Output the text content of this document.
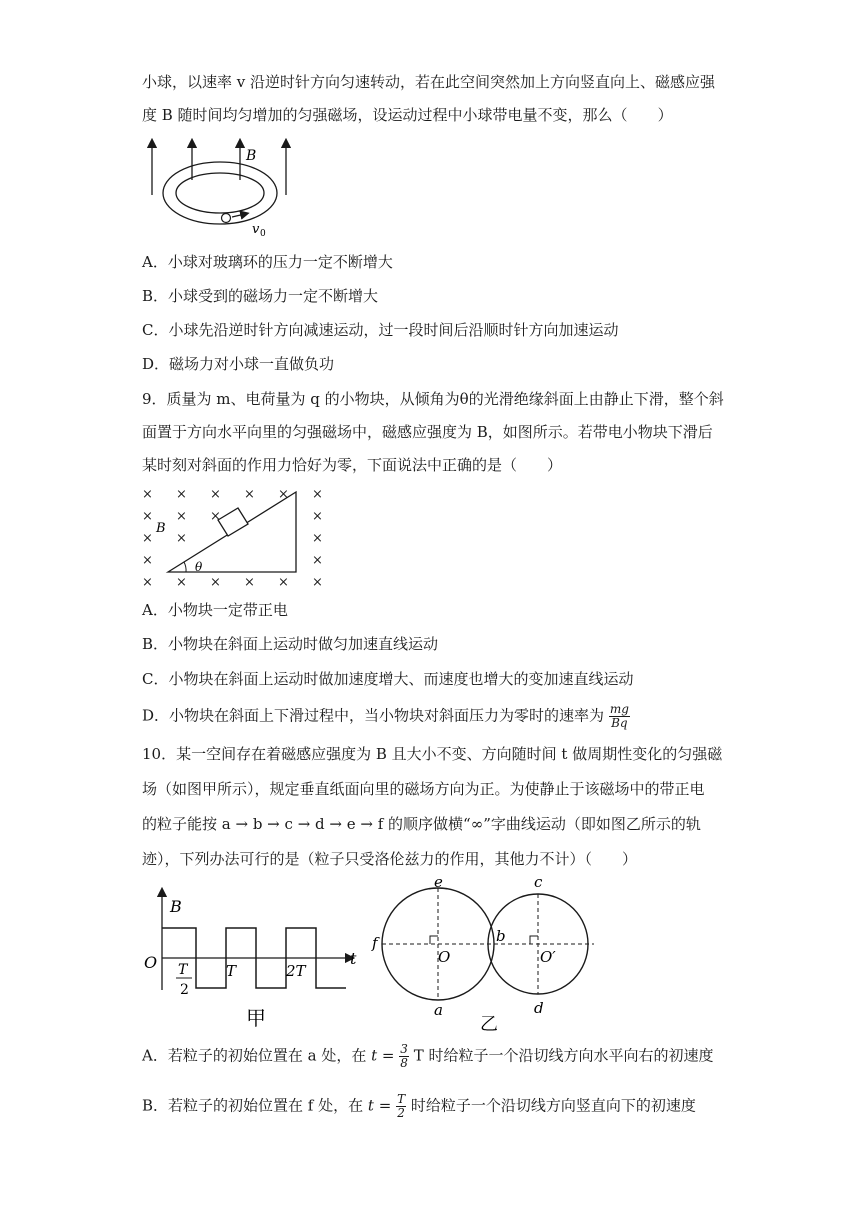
小球，以速率 v 沿逆时针方向匀速转动，若在此空间突然加上方向竖直向上、磁感应强
度 B 随时间均匀增加的匀强磁场，设运动过程中小球带电量不变，那么（　　）
B
v 0
A．小球对玻璃环的压力一定不断增大
B．小球受到的磁场力一定不断增大
C．小球先沿逆时针方向减速运动，过一段时间后沿顺时针方向加速运动
D．磁场力对小球一直做负功
9．质量为 m、电荷量为 q 的小物块，从倾角为θ的光滑绝缘斜面上由静止下滑，整个斜
面置于方向水平向里的匀强磁场中，磁感应强度为 B，如图所示。若带电小物块下滑后
某时刻对斜面的作用力恰好为零，下面说法中正确的是（　　）
× × × × × ×
× × ×	×
× ×	×
×	×
× × × × × ×
θ
B
A．小物块一定带正电
B．小物块在斜面上运动时做匀加速直线运动
C．小物块在斜面上运动时做加速度增大、而速度也增大的变加速直线运动
D．小物块在斜面上下滑过程中，当小物块对斜面压力为零时的速率为 $\frac{mg}{Bq}$
10．某一空间存在着磁感应强度为 B 且大小不变、方向随时间 t 做周期性变化的匀强磁
场（如图甲所示），规定垂直纸面向里的磁场方向为正。为使静止于该磁场中的带正电
的粒子能按 a → b → c → d → e → f 的顺序做横“∞”字曲线运动（即如图乙所示的轨
迹），下列办法可行的是（粒子只受洛伦兹力的作用，其他力不计）（　　）
B
t
O T
2
T	2T
甲
e	c
f	b
O	O′
a	d
乙
A．若粒子的初始位置在 a 处，在 $t = \frac{3}{8}$ T 时给粒子一个沿切线方向水平向右的初速度
B．若粒子的初始位置在 f 处，在 $t = \frac{T}{2}$ 时给粒子一个沿切线方向竖直向下的初速度
